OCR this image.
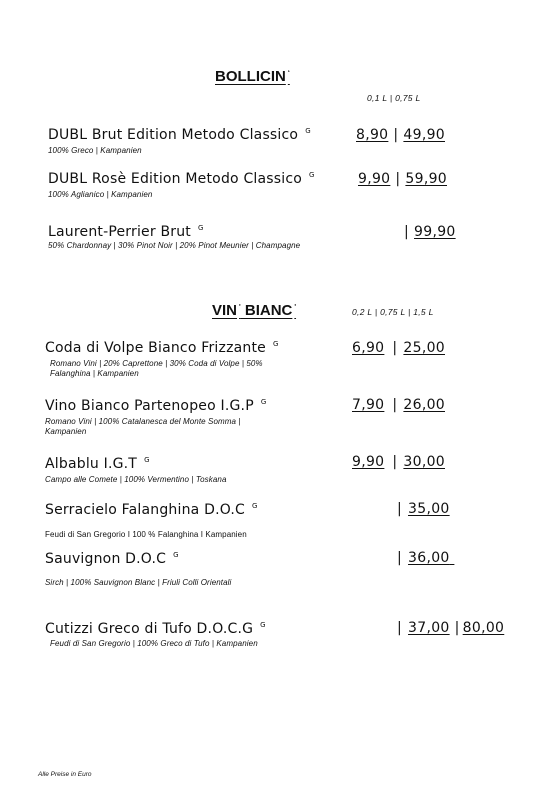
BOLLICIN ‘
0,1 L | 0,75 L
DUBL Brut Edition Metodo Classico $^G$
100% Greco | Kampanien
8,90 | 49,90
DUBL Rosè Edition Metodo Classico $^G$
100% Aglianico | Kampanien
9,90 | 59,90
Laurent-Perrier Brut $^G$
50% Chardonnay | 30% Pinot Noir | 20% Pinot Meunier | Champagne
| 99,90
VIN ' BIANC '	0,2 L | 0,75 L | 1,5 L
Coda di Volpe Bianco Frizzante $^G$
Romano Vini | 20% Caprettone | 30% Coda di Volpe | 50%
Falanghina | Kampanien
6,90 | 25,00
Vino Bianco Partenopeo I.G.P $^G$
Romano Vini | 100% Catalanesca del Monte Somma |
Kampanien
7,90 | 26,00
Albablu I.G.T $^G$
Campo alle Comete | 100% Vermentino | Toskana
9,90 | 30,00
Serracielo Falanghina D.O.C $^G$
Feudi di San Gregorio I 100 % Falanghina I Kampanien
| 35,00
Sauvignon D.O.C $^G$
Sirch | 100% Sauvignon Blanc | Friuli Colli Orientali
| 36,00
Cutizzi Greco di Tufo D.O.C.G $^G$
Feudi di San Gregorio | 100% Greco di Tufo | Kampanien
| 37,00 | 80,00
Alle Preise in Euro
